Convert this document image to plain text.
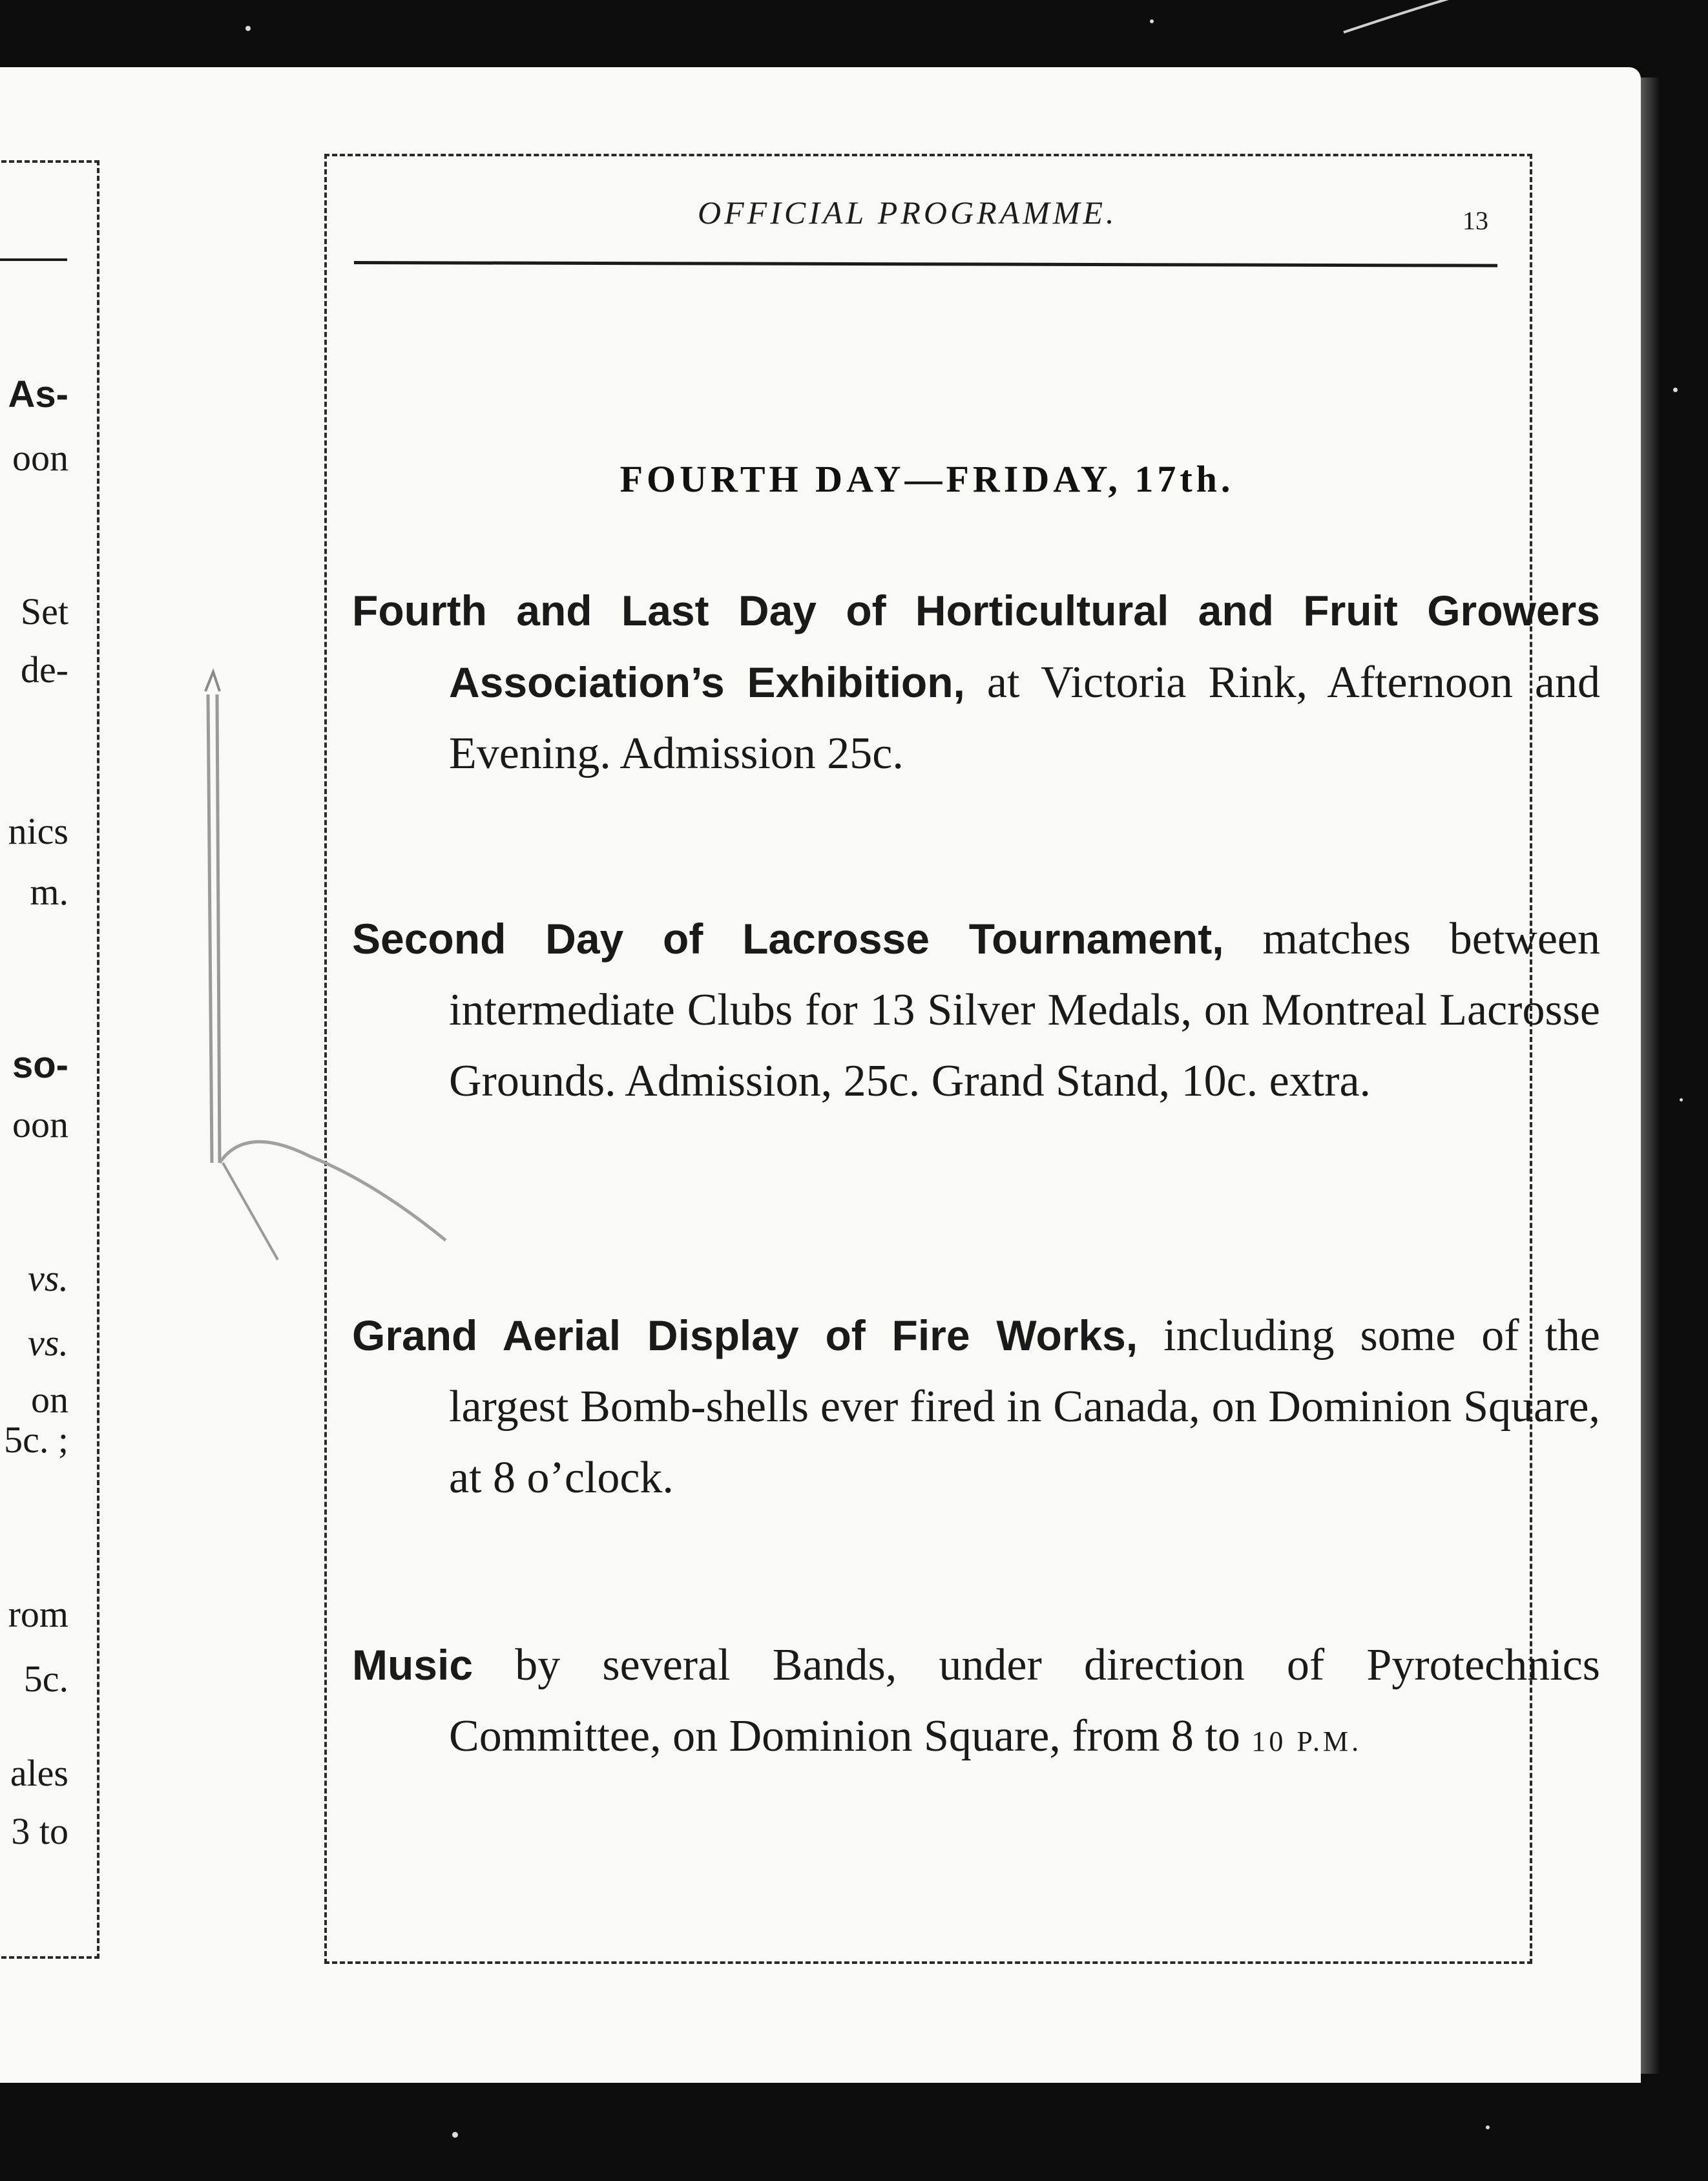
As-
oon
Set
de-
nics
m.
so-
oon
vs.
vs.
on
5c. ;
rom
5c.
ales
3 to
OFFICIAL PROGRAMME.	13
FOURTH DAY—FRIDAY, 17th.
Fourth and Last Day of Horticultural and Fruit Growers Association’s Exhibition, at Victoria Rink, Afternoon and Evening. Admission 25c.
Second Day of Lacrosse Tournament, matches between intermediate Clubs for 13 Silver Medals, on Montreal Lacrosse Grounds. Admission, 25c. Grand Stand, 10c. extra.
Grand Aerial Display of Fire Works, including some of the largest Bomb-shells ever fired in Canada, on Dominion Square, at 8 o’clock.
Music by several Bands, under direction of Pyrotechnics Committee, on Dominion Square, from 8 to 10 P.M.
